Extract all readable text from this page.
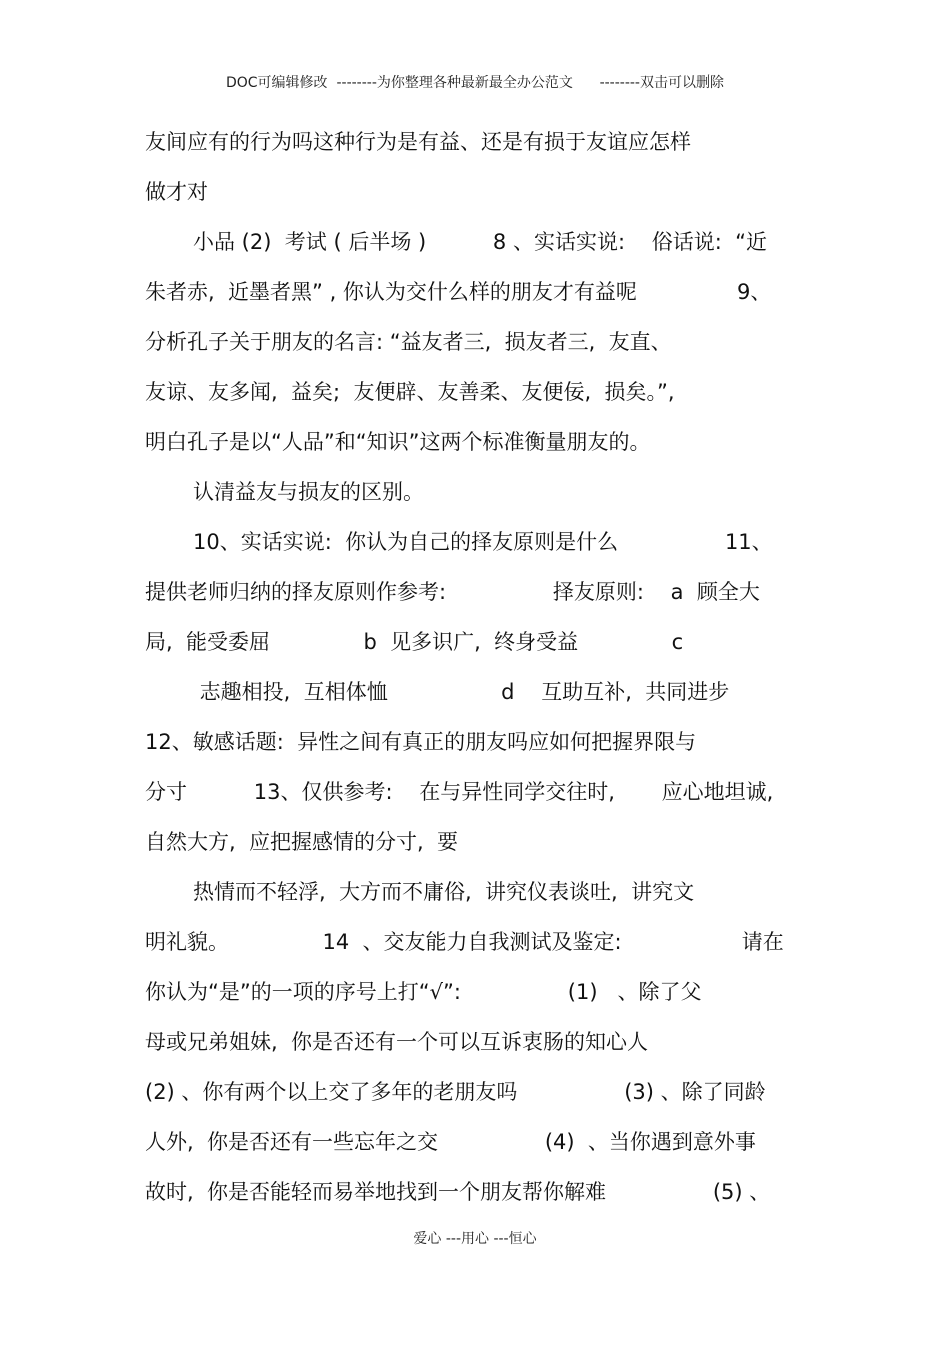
DOC可编辑修改  --------为你整理各种最新最全办公范文      --------双击可以删除
友间应有的行为吗这种行为是有益、还是有损于友谊应怎样
做才对
小品 (2)  考试 ( 后半场 )          8 、实话实说:    俗话说:  “近
朱者赤,  近墨者黑” , 你认为交什么样的朋友才有益呢               9、
分析孔子关于朋友的名言: “益友者三,  损友者三,  友直、
友谅、友多闻,  益矣;  友便辟、友善柔、友便佞,  损矣。”,
明白孔子是以“人品”和“知识”这两个标准衡量朋友的。
认清益友与损友的区别。
10、实话实说:  你认为自己的择友原则是什么                11、
提供老师归纳的择友原则作参考:                择友原则:    a  顾全大
局,  能受委屈              b  见多识广,  终身受益              c
志趣相投,  互相体恤                 d    互助互补,  共同进步
12、敏感话题:  异性之间有真正的朋友吗应如何把握界限与
分寸          13、仅供参考:    在与异性同学交往时,       应心地坦诚,
自然大方,  应把握感情的分寸,  要
热情而不轻浮,  大方而不庸俗,  讲究仪表谈吐,  讲究文
明礼貌。              14  、交友能力自我测试及鉴定:                  请在
你认为“是”的一项的序号上打“√”:                (1)   、除了父
母或兄弟姐妹,  你是否还有一个可以互诉衷肠的知心人
(2) 、你有两个以上交了多年的老朋友吗                (3) 、除了同龄
人外,  你是否还有一些忘年之交                (4)  、当你遇到意外事
故时,  你是否能轻而易举地找到一个朋友帮你解难                (5) 、
爱心 ---用心 ---恒心
